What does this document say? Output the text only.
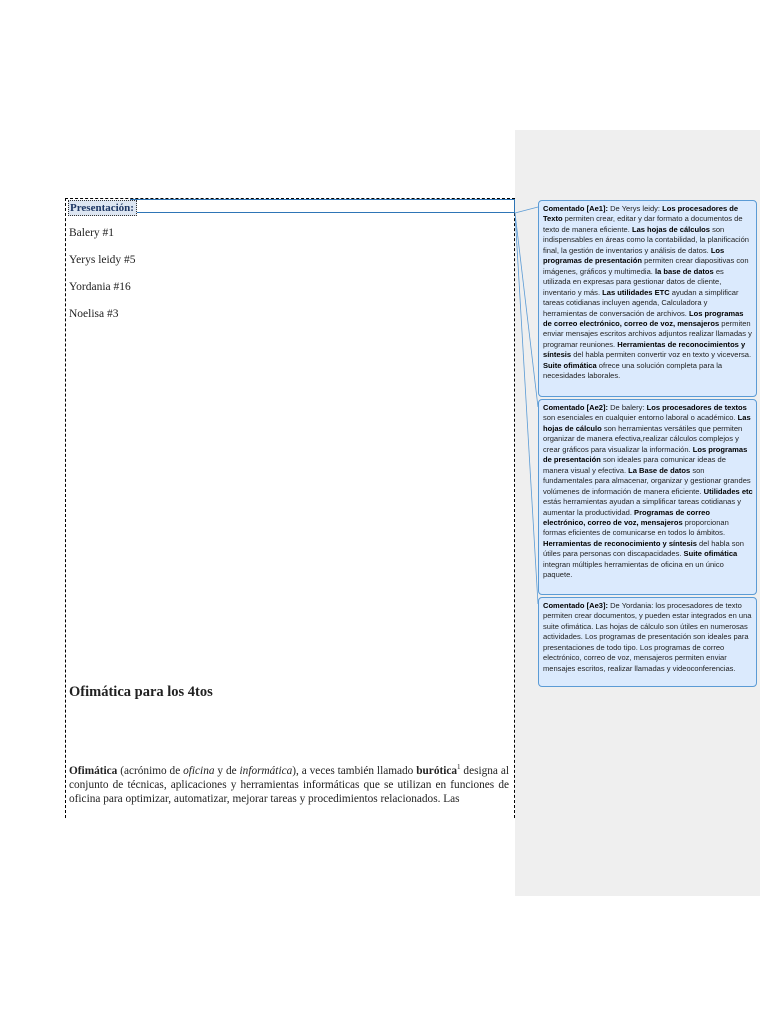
Presentación:
Balery #1
Yerys leidy #5
Yordania #16
Noelisa #3
Ofimática para los 4tos
Ofimática (acrónimo de oficina y de informática), a veces también llamado burótica$^1$ designa al conjunto de técnicas, aplicaciones y herramientas informáticas que se utilizan en funciones de oficina para optimizar, automatizar, mejorar tareas y procedimientos relacionados. Las
Comentado [Ae1]: De Yerys leidy: Los procesadores de Texto permiten crear, editar y dar formato a documentos de texto de manera eficiente. Las hojas de cálculos son indispensables en áreas como la contabilidad, la planificación final, la gestión de inventarios y análisis de datos. Los programas de presentación permiten crear diapositivas con imágenes, gráficos y multimedia. la base de datos es utilizada en expresas para gestionar datos de cliente, inventario y más. Las utilidades ETC ayudan a simplificar tareas cotidianas incluyen agenda, Calculadora y herramientas de conversación de archivos. Los programas de correo electrónico, correo de voz, mensajeros permiten enviar mensajes escritos archivos adjuntos realizar llamadas y programar reuniones. Herramientas de reconocimientos y síntesis del habla permiten convertir voz en texto y viceversa. Suite ofimática ofrece una solución completa para la necesidades laborales.
Comentado [Ae2]: De balery: Los procesadores de textos son esenciales en cualquier entorno laboral o académico. Las hojas de cálculo son herramientas versátiles que permiten organizar de manera efectiva,realizar cálculos complejos y crear gráficos para visualizar la información. Los programas de presentación son ideales para comunicar ideas de manera visual y efectiva. La Base de datos son fundamentales para almacenar, organizar y gestionar grandes volúmenes de información de manera eficiente. Utilidades etc estás herramientas ayudan a simplificar tareas cotidianas y aumentar la productividad. Programas de correo electrónico, correo de voz, mensajeros proporcionan formas eficientes de comunicarse en todos lo ámbitos. Herramientas de reconocimiento y síntesis del habla son útiles para personas con discapacidades. Suite ofimática integran múltiples herramientas de oficina en un único paquete.
Comentado [Ae3]: De Yordania: los procesadores de texto permiten crear documentos, y pueden estar integrados en una suite ofimática. Las hojas de cálculo son útiles en numerosas actividades. Los programas de presentación son ideales para presentaciones de todo tipo. Los programas de correo electrónico, correo de voz, mensajeros permiten enviar mensajes escritos, realizar llamadas y videoconferencias.
